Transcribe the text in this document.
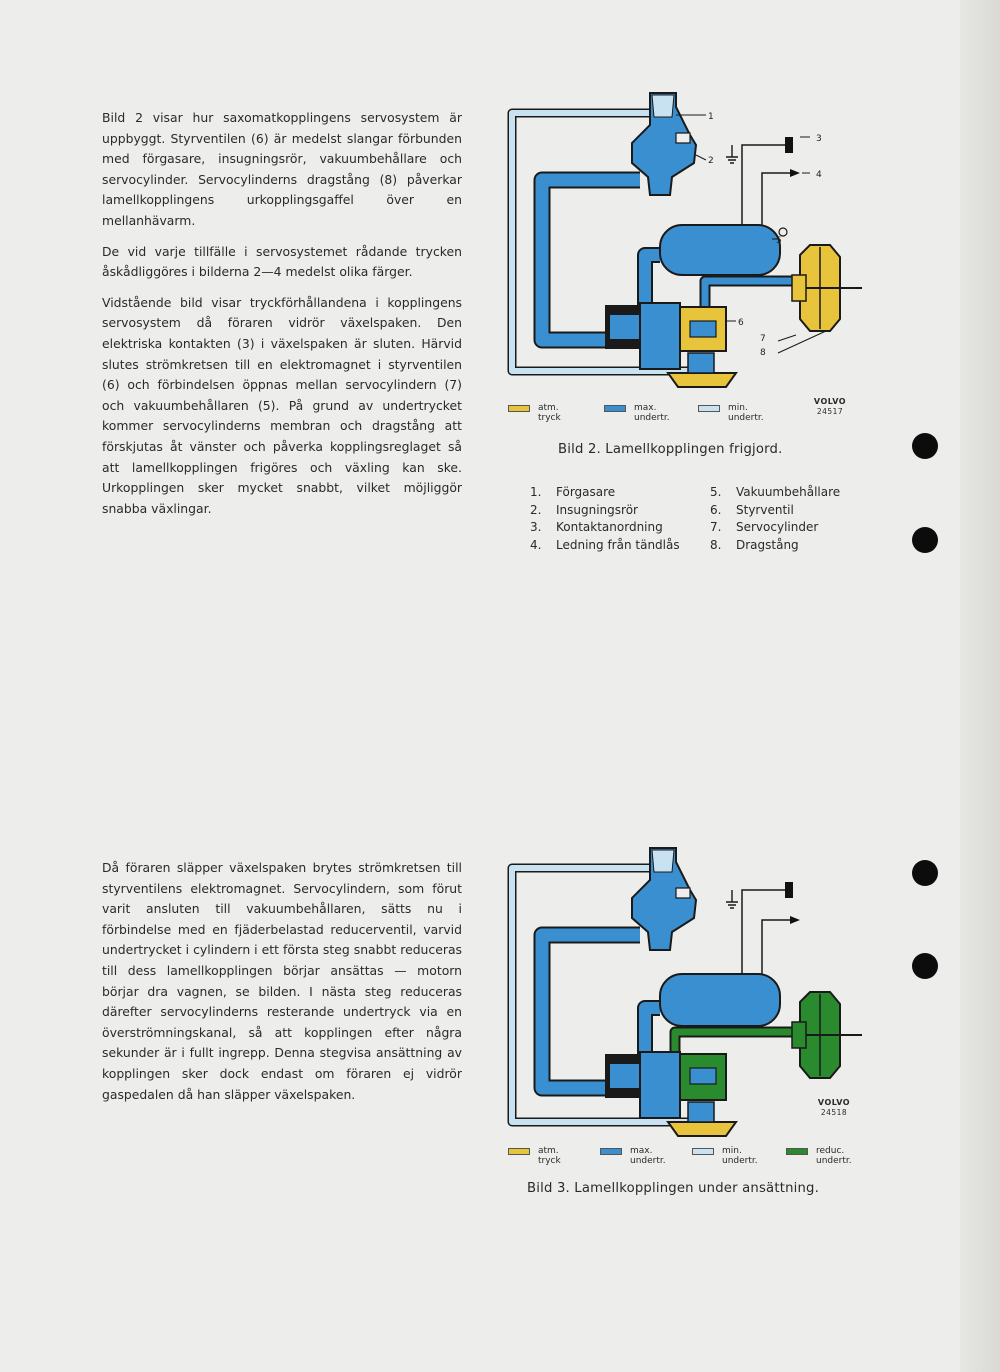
Bild 2 visar hur saxomatkopplingens servosystem är uppbyggt. Styrventilen (6) är medelst slangar förbunden med förgasare, insugningsrör, vakuumbehållare och servocylinder. Servocylinderns dragstång (8) påverkar lamellkopplingens urkopplingsgaffel över en mellanhävarm.

De vid varje tillfälle i servosystemet rådande trycken åskådliggöres i bilderna 2—4 medelst olika färger.

Vidstående bild visar tryckförhållandena i kopplingens servosystem då föraren vidrör växelspaken. Den elektriska kontakten (3) i växelspaken är sluten. Härvid slutes strömkretsen till en elektromagnet i styrventilen (6) och förbindelsen öppnas mellan servocylindern (7) och vakuumbehållaren (5). På grund av undertrycket kommer servocylinderns membran och dragstång att förskjutas åt vänster och påverka kopplingsreglaget så att lamellkopplingen frigöres och växling kan ske. Urkopplingen sker mycket snabbt, vilket möjliggör snabba växlingar.

1
2
3
4
5
6
7
8
atm.
tryck
max.
undertr.
min.
undertr.
VOLVO
24517
Bild 2. Lamellkopplingen frigjord.
1.	Förgasare
2.	Insugningsrör
3.	Kontaktanordning
4.	Ledning från tändlås
5.	Vakuumbehållare
6.	Styrventil
7.	Servocylinder
8.	Dragstång

Då föraren släpper växelspaken brytes strömkretsen till styrventilens elektromagnet. Servocylindern, som förut varit ansluten till vakuumbehållaren, sätts nu i förbindelse med en fjäderbelastad reducerventil, varvid undertrycket i cylindern i ett första steg snabbt reduceras till dess lamellkopplingen börjar ansättas — motorn börjar dra vagnen, se bilden. I nästa steg reduceras därefter servocylinderns resterande undertryck via en överströmningskanal, så att kopplingen efter några sekunder är i fullt ingrepp. Denna stegvisa ansättning av kopplingen sker dock endast om föraren ej vidrör gaspedalen då han släpper växelspaken.

atm.
tryck
max.
undertr.
min.
undertr.
reduc.
undertr.
VOLVO
24518
Bild 3. Lamellkopplingen under ansättning.
